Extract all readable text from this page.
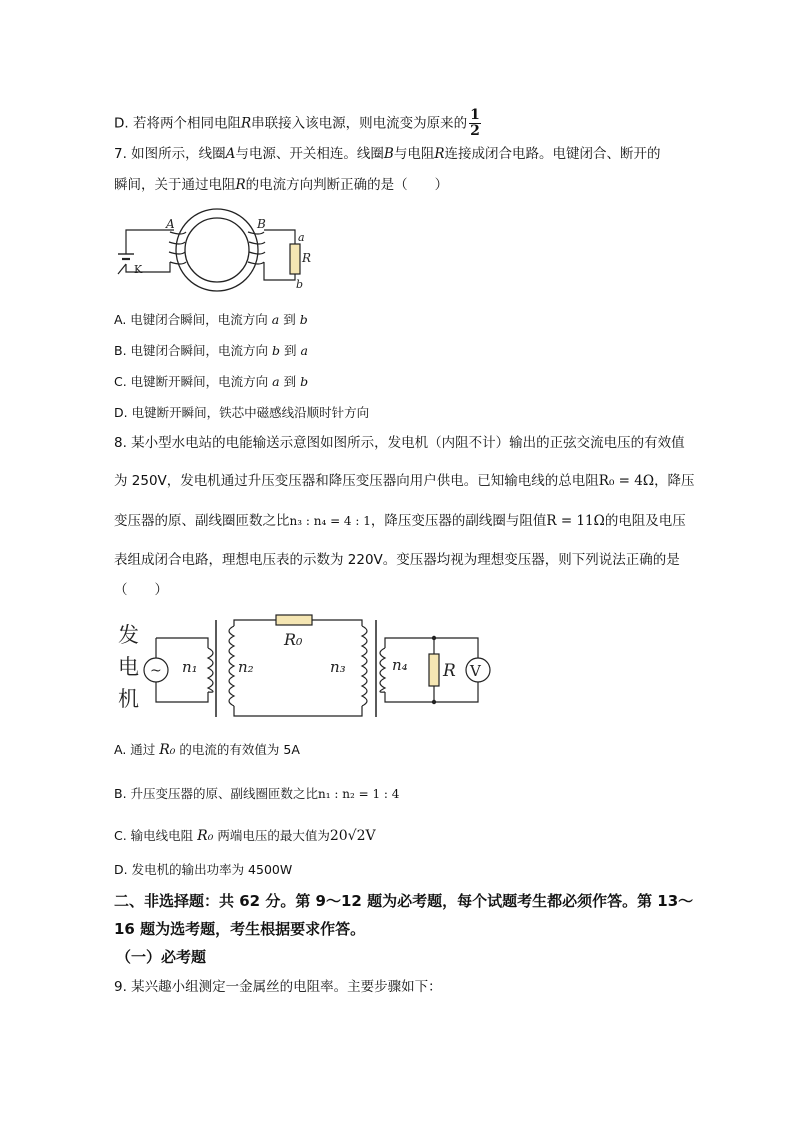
D. 若将两个相同电阻R串联接入该电源，则电流变为原来的 $\frac{1}{2}$
7. 如图所示，线圈A与电源、开关相连。线圈B与电阻R连接成闭合电路。电键闭合、断开的
瞬间，关于通过电阻R的电流方向判断正确的是（　　）
K
R
a
b
A	B
A. 电键闭合瞬间，电流方向 a 到 b
B. 电键闭合瞬间，电流方向 b 到 a
C. 电键断开瞬间，电流方向 a 到 b
D. 电键断开瞬间，铁芯中磁感线沿顺时针方向
8. 某小型水电站的电能输送示意图如图所示，发电机（内阻不计）输出的正弦交流电压的有效值
为 250V，发电机通过升压变压器和降压变压器向用户供电。已知输电线的总电阻R₀ = 4Ω，降压
变压器的原、副线圈匝数之比n₃ : n₄ = 4 : 1，降压变压器的副线圈与阻值R = 11Ω的电阻及电压
表组成闭合电路，理想电压表的示数为 220V。变压器均视为理想变压器，则下列说法正确的是
（　　）
发
电
机
~ n₁	n₂
R₀
n₃	n₄ R V
A. 通过 R₀ 的电流的有效值为 5A
B. 升压变压器的原、副线圈匝数之比n₁ : n₂ = 1 : 4
C. 输电线电阻 R₀ 两端电压的最大值为20√2V
D. 发电机的输出功率为 4500W
二、非选择题：共 62 分。第 9～12 题为必考题，每个试题考生都必须作答。第 13～
16 题为选考题，考生根据要求作答。
（一）必考题
9. 某兴趣小组测定一金属丝的电阻率。主要步骤如下：
